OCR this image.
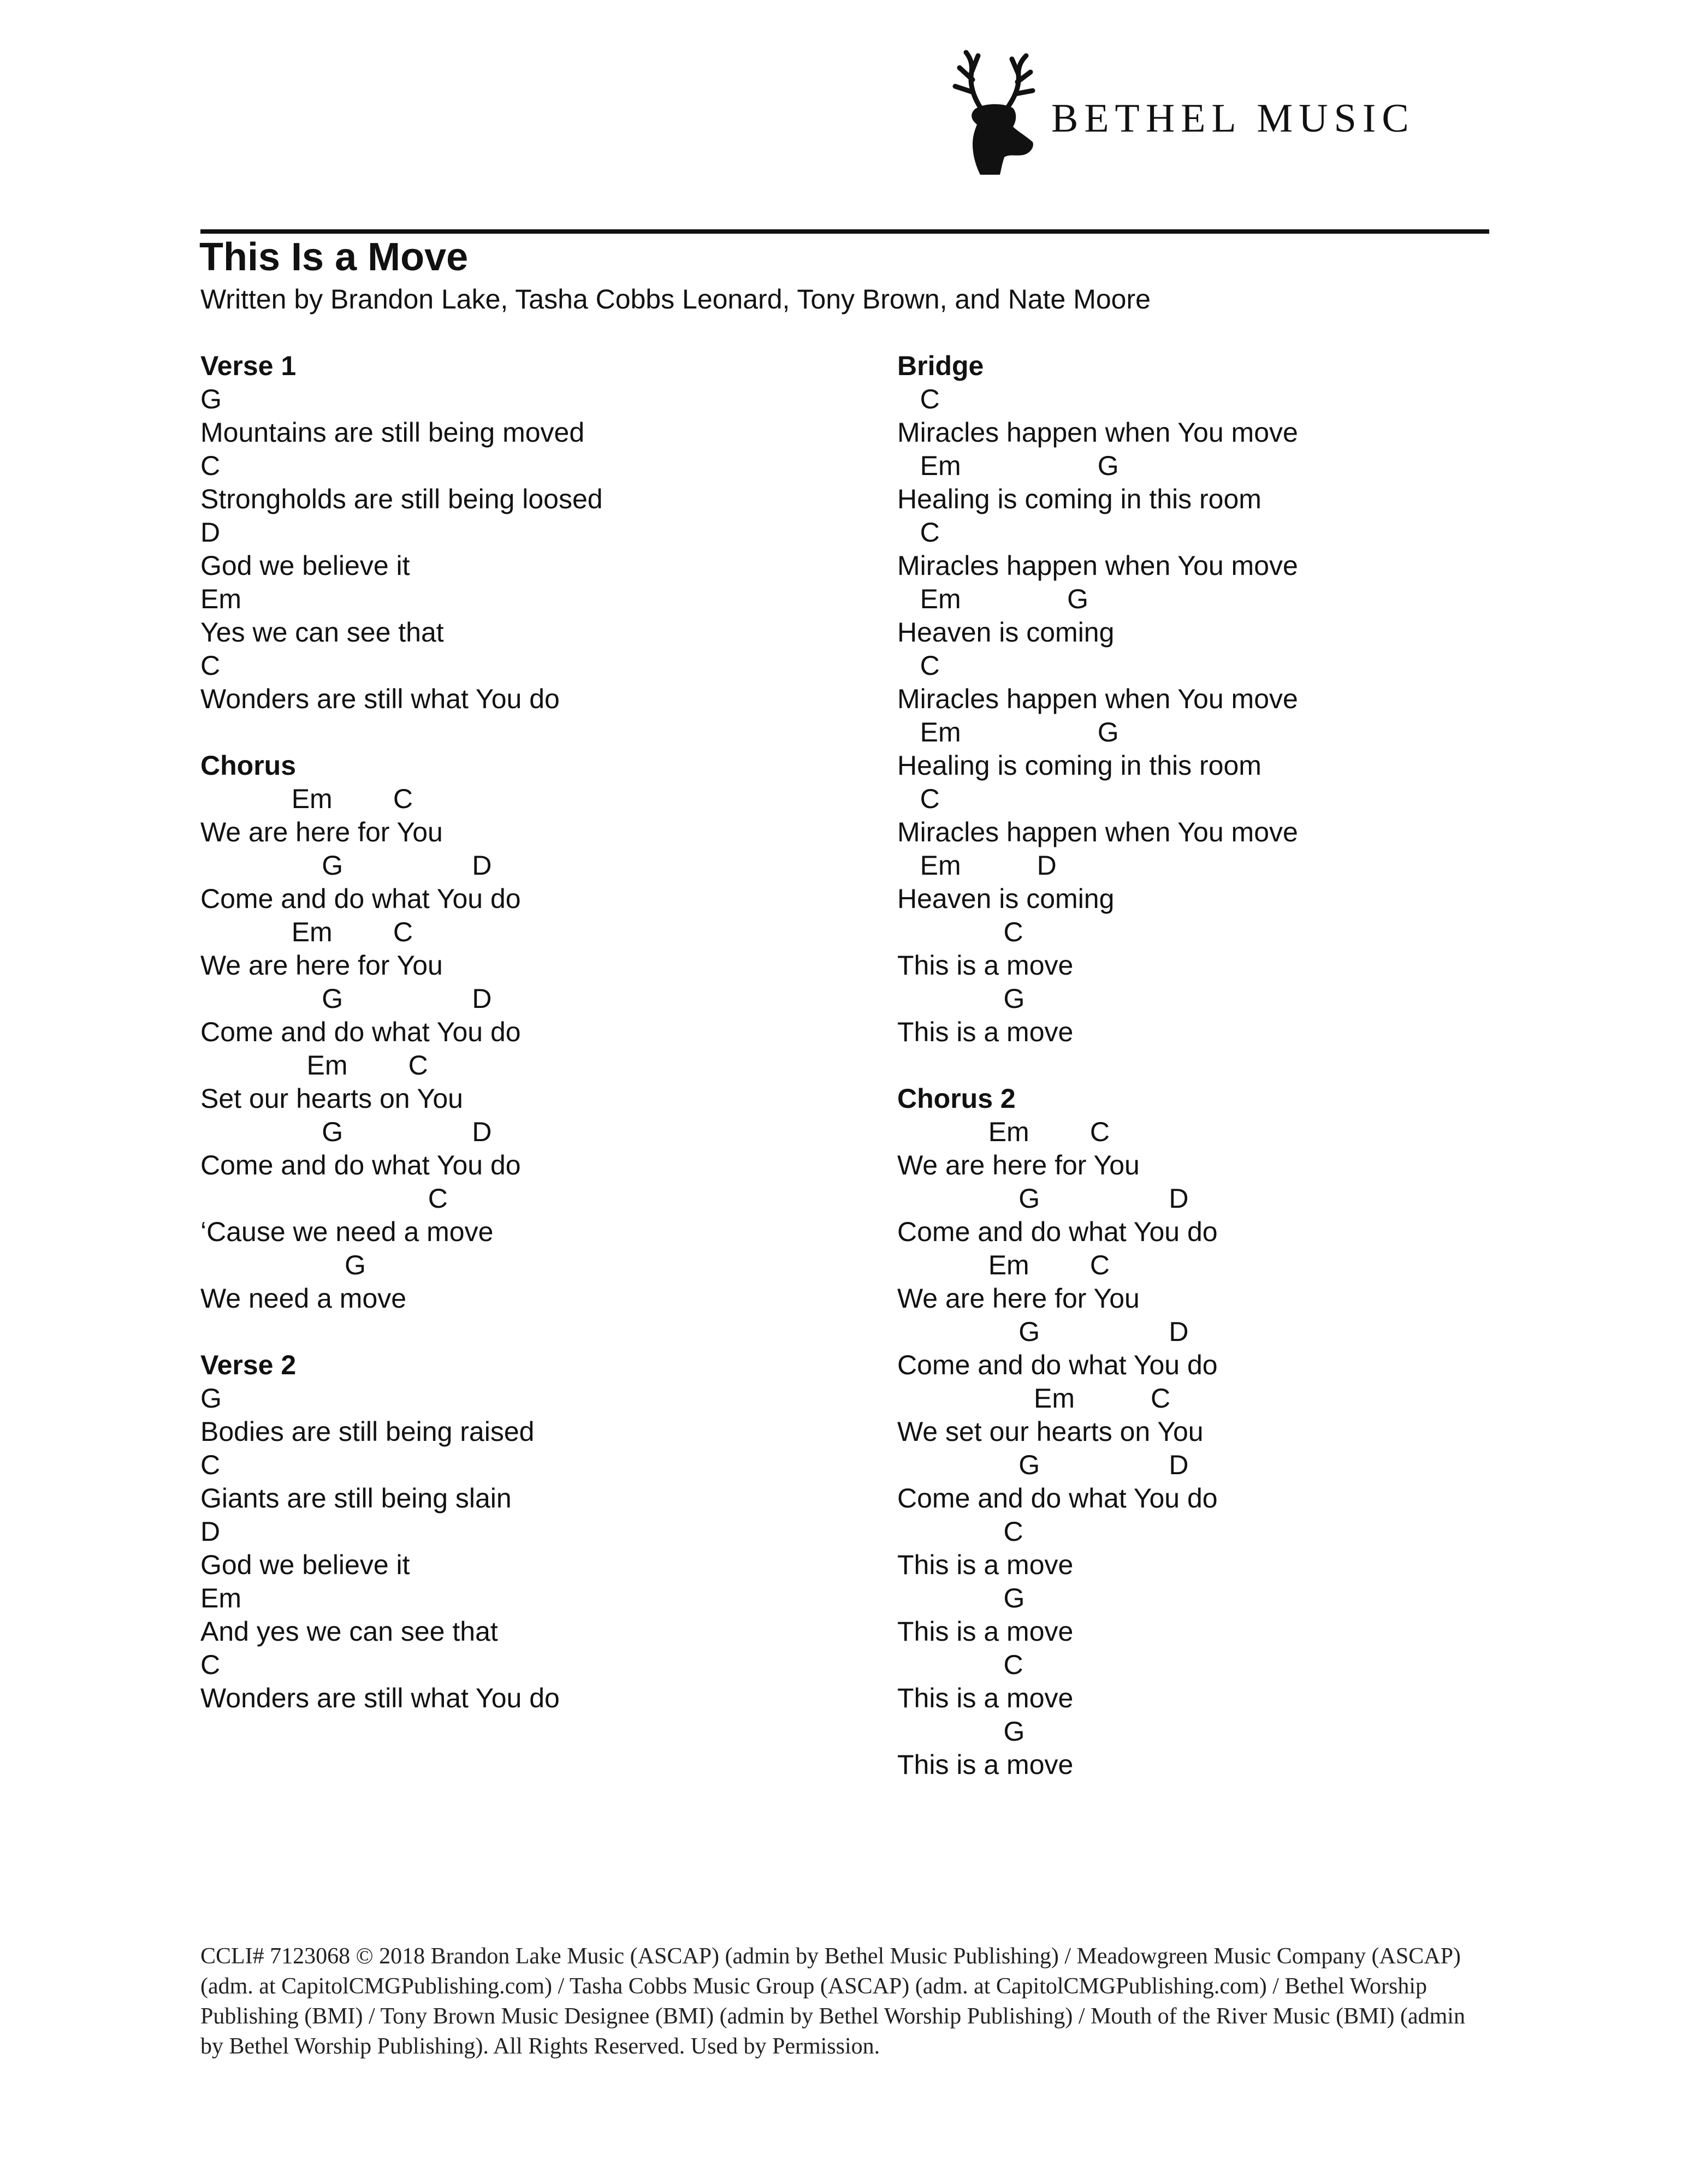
BETHEL MUSIC
This Is a Move
Written by Brandon Lake, Tasha Cobbs Leonard, Tony Brown, and Nate Moore
Verse 1
G
Mountains are still being moved
C
Strongholds are still being loosed
D
God we believe it
Em
Yes we can see that
C
Wonders are still what You do
Chorus
Em        C
We are here for You
G                 D
Come and do what You do
Em        C
We are here for You
G                 D
Come and do what You do
Em        C
Set our hearts on You
G                 D
Come and do what You do
C
‘Cause we need a move
G
We need a move
Verse 2
G
Bodies are still being raised
C
Giants are still being slain
D
God we believe it
Em
And yes we can see that
C
Wonders are still what You do
Bridge
C
Miracles happen when You move
Em                  G
Healing is coming in this room
C
Miracles happen when You move
Em              G
Heaven is coming
C
Miracles happen when You move
Em                  G
Healing is coming in this room
C
Miracles happen when You move
Em          D
Heaven is coming
C
This is a move
G
This is a move
Chorus 2
Em        C
We are here for You
G                 D
Come and do what You do
Em        C
We are here for You
G                 D
Come and do what You do
Em          C
We set our hearts on You
G                 D
Come and do what You do
C
This is a move
G
This is a move
C
This is a move
G
This is a move
CCLI# 7123068 © 2018 Brandon Lake Music (ASCAP) (admin by Bethel Music Publishing) / Meadowgreen Music Company (ASCAP) (adm. at CapitolCMGPublishing.com) / Tasha Cobbs Music Group (ASCAP) (adm. at CapitolCMGPublishing.com) / Bethel Worship Publishing (BMI) / Tony Brown Music Designee (BMI) (admin by Bethel Worship Publishing) / Mouth of the River Music (BMI) (admin by Bethel Worship Publishing). All Rights Reserved. Used by Permission.
